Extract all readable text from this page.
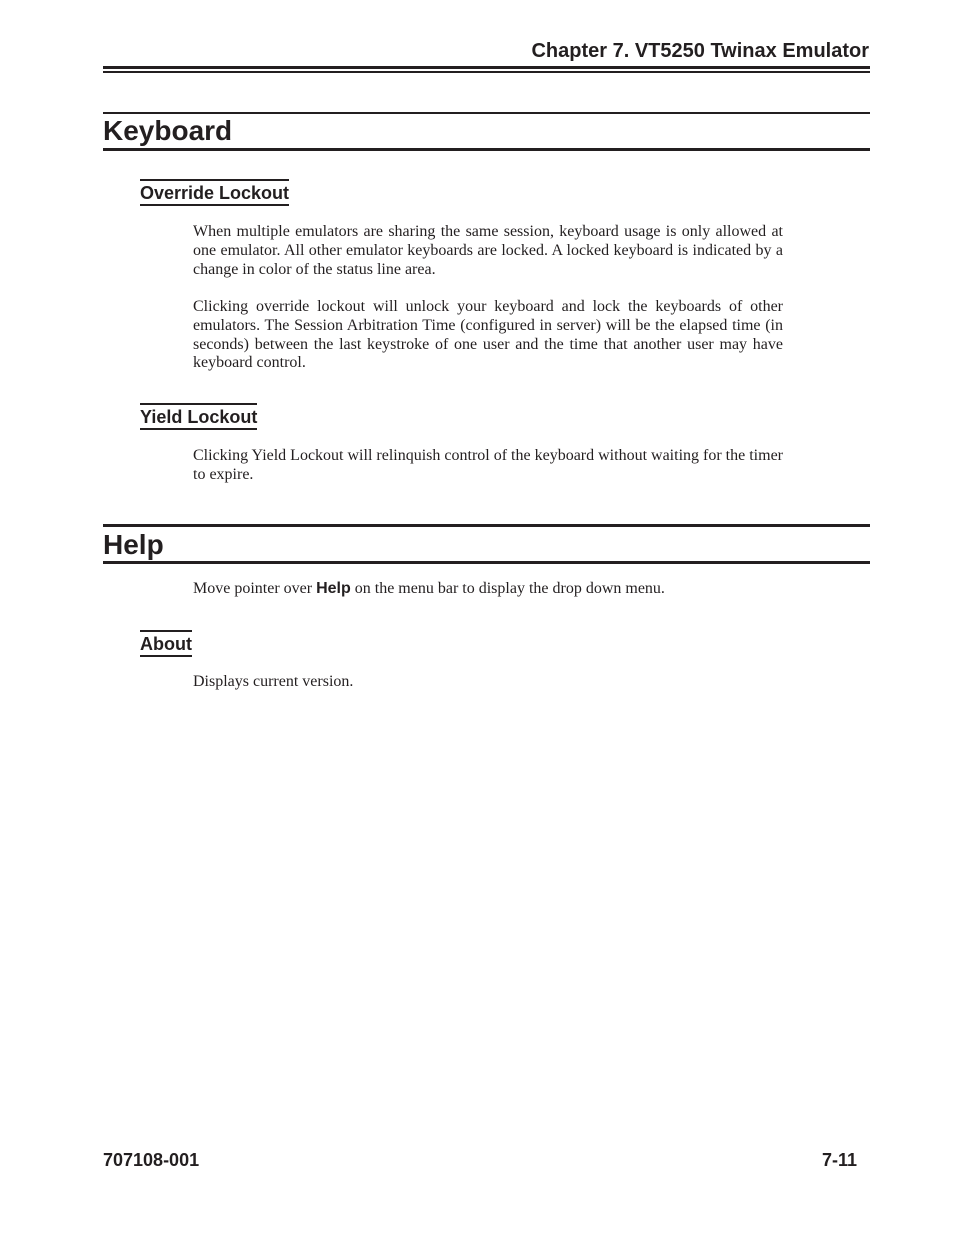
Chapter 7. VT5250 Twinax Emulator
Keyboard
Override Lockout

When multiple emulators are sharing the same session, keyboard usage is only allowed at one emulator. All other emulator keyboards are locked. A locked keyboard is indicated by a change in color of the status line area.

Clicking override lockout will unlock your keyboard and lock the keyboards of other emulators. The Session Arbitration Time (configured in server) will be the elapsed time (in seconds) between the last keystroke of one user and the time that another user may have keyboard control.

Yield Lockout

Clicking Yield Lockout will relinquish control of the keyboard without waiting for the timer to expire.

Help

Move pointer over Help on the menu bar to display the drop down menu.

About

Displays current version.

707108-001	7-11
